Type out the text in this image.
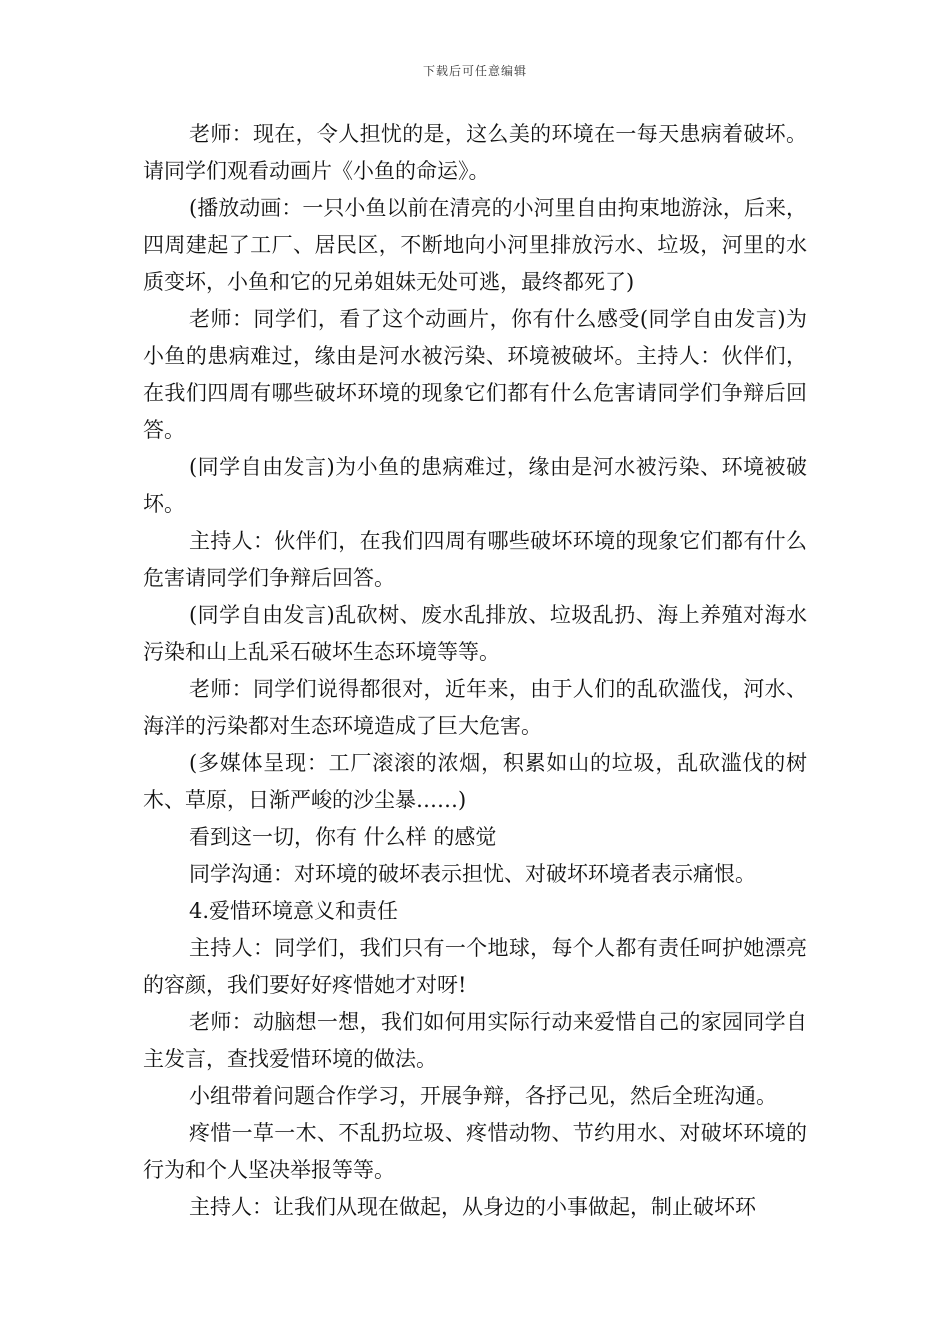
下载后可任意编辑

老师：现在，令人担忧的是，这么美的环境在一每天患病着破坏。请同学们观看动画片《小鱼的命运》。

(播放动画：一只小鱼以前在清亮的小河里自由拘束地游泳，后来，四周建起了工厂、居民区，不断地向小河里排放污水、垃圾，河里的水质变坏，小鱼和它的兄弟姐妹无处可逃，最终都死了)

老师：同学们，看了这个动画片，你有什么感受(同学自由发言)为小鱼的患病难过，缘由是河水被污染、环境被破坏。主持人：伙伴们，在我们四周有哪些破坏环境的现象它们都有什么危害请同学们争辩后回答。

(同学自由发言)为小鱼的患病难过，缘由是河水被污染、环境被破坏。

主持人：伙伴们，在我们四周有哪些破坏环境的现象它们都有什么危害请同学们争辩后回答。

(同学自由发言)乱砍树、废水乱排放、垃圾乱扔、海上养殖对海水污染和山上乱采石破坏生态环境等等。

老师：同学们说得都很对，近年来，由于人们的乱砍滥伐，河水、海洋的污染都对生态环境造成了巨大危害。

(多媒体呈现：工厂滚滚的浓烟，积累如山的垃圾，乱砍滥伐的树木、草原，日渐严峻的沙尘暴……)

看到这一切，你有 什么样 的感觉

同学沟通：对环境的破坏表示担忧、对破坏环境者表示痛恨。

4.爱惜环境意义和责任

主持人：同学们，我们只有一个地球，每个人都有责任呵护她漂亮的容颜，我们要好好疼惜她才对呀!

老师：动脑想一想，我们如何用实际行动来爱惜自己的家园同学自主发言，查找爱惜环境的做法。

小组带着问题合作学习，开展争辩，各抒己见，然后全班沟通。

疼惜一草一木、不乱扔垃圾、疼惜动物、节约用水、对破坏环境的行为和个人坚决举报等等。

主持人：让我们从现在做起，从身边的小事做起，制止破坏环
